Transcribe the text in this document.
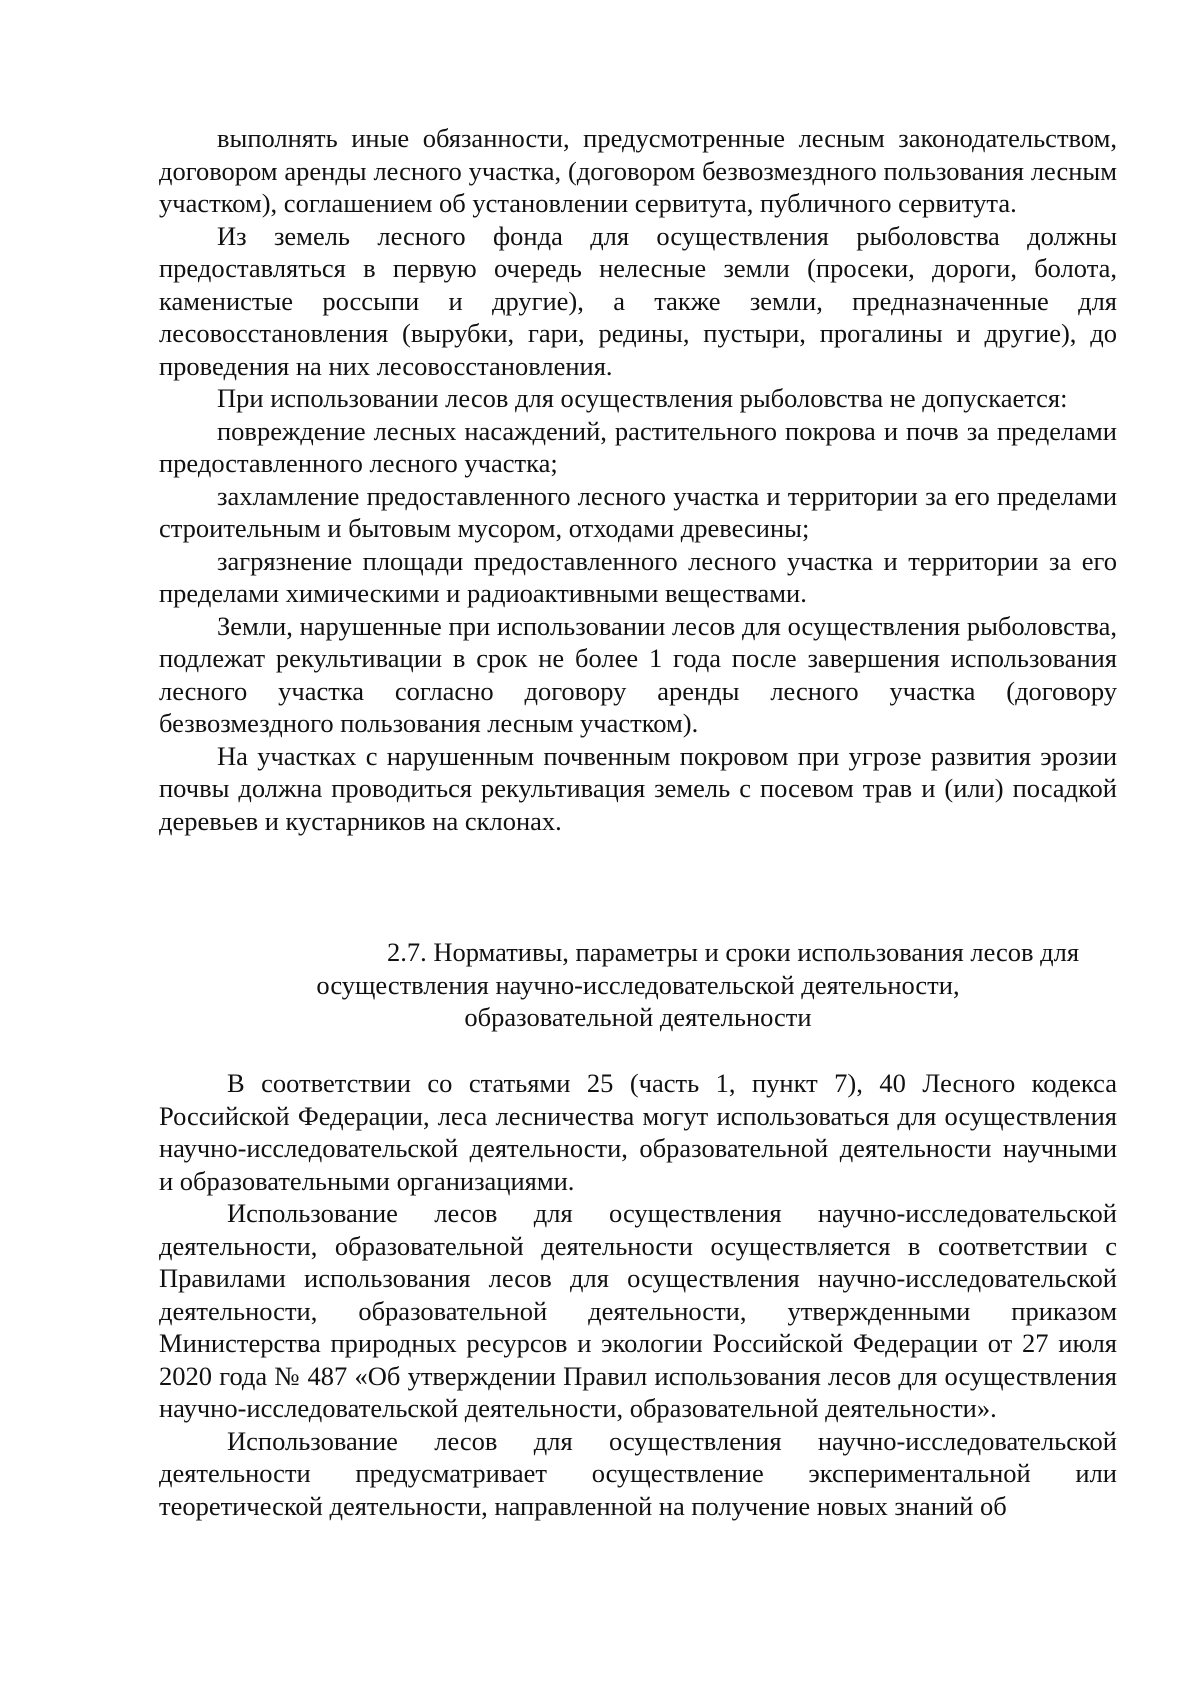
выполнять иные обязанности, предусмотренные лесным законодательством, договором аренды лесного участка, (договором безвозмездного пользования лесным участком), соглашением об установлении сервитута, публичного сервитута.

Из земель лесного фонда для осуществления рыболовства должны предоставляться в первую очередь нелесные земли (просеки, дороги, болота, каменистые россыпи и другие), а также земли, предназначенные для лесовосстановления (вырубки, гари, редины, пустыри, прогалины и другие), до проведения на них лесовосстановления.

При использовании лесов для осуществления рыболовства не допускается:

повреждение лесных насаждений, растительного покрова и почв за пределами предоставленного лесного участка;

захламление предоставленного лесного участка и территории за его пределами строительным и бытовым мусором, отходами древесины;

загрязнение площади предоставленного лесного участка и территории за его пределами химическими и радиоактивными веществами.

Земли, нарушенные при использовании лесов для осуществления рыболовства, подлежат рекультивации в срок не более 1 года после завершения использования лесного участка согласно договору аренды лесного участка (договору безвозмездного пользования лесным участком).

На участках с нарушенным почвенным покровом при угрозе развития эрозии почвы должна проводиться рекультивация земель с посевом трав и (или) посадкой деревьев и кустарников на склонах.

2.7. Нормативы, параметры и сроки использования лесов для
осуществления научно-исследовательской деятельности,
образовательной деятельности

В соответствии со статьями 25 (часть 1, пункт 7), 40 Лесного кодекса Российской Федерации, леса лесничества могут использоваться для осуществления научно-исследовательской деятельности, образовательной деятельности научными и образовательными организациями.

Использование лесов для осуществления научно-исследовательской деятельности, образовательной деятельности осуществляется в соответствии с Правилами использования лесов для осуществления научно-исследовательской деятельности, образовательной деятельности, утвержденными приказом Министерства природных ресурсов и экологии Российской Федерации от 27 июля 2020 года № 487 «Об утверждении Правил использования лесов для осуществления научно-исследовательской деятельности, образовательной деятельности».

Использование лесов для осуществления научно-исследовательской деятельности предусматривает осуществление экспериментальной или теоретической деятельности, направленной на получение новых знаний об
